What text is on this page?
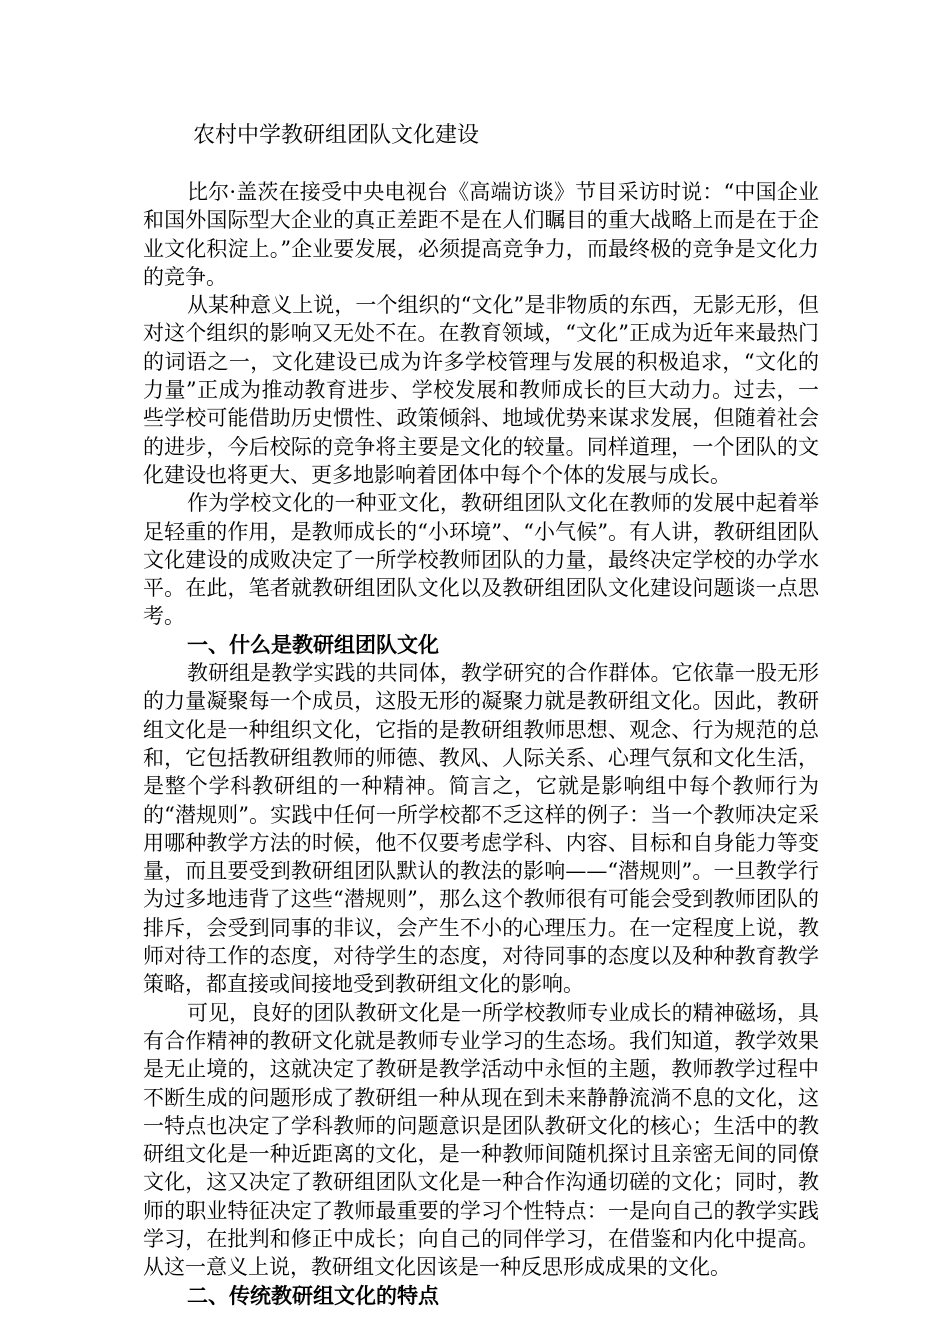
农村中学教研组团队文化建设

比尔·盖茨在接受中央电视台《高端访谈》节目采访时说：“中国企业和国外国际型大企业的真正差距不是在人们瞩目的重大战略上而是在于企业文化积淀上。”企业要发展，必须提高竞争力，而最终极的竞争是文化力的竞争。

从某种意义上说，一个组织的“文化”是非物质的东西，无影无形，但对这个组织的影响又无处不在。在教育领域，“文化”正成为近年来最热门的词语之一，文化建设已成为许多学校管理与发展的积极追求，“文化的力量”正成为推动教育进步、学校发展和教师成长的巨大动力。过去，一些学校可能借助历史惯性、政策倾斜、地域优势来谋求发展，但随着社会的进步，今后校际的竞争将主要是文化的较量。同样道理，一个团队的文化建设也将更大、更多地影响着团体中每个个体的发展与成长。

作为学校文化的一种亚文化，教研组团队文化在教师的发展中起着举足轻重的作用，是教师成长的“小环境”、“小气候”。有人讲，教研组团队文化建设的成败决定了一所学校教师团队的力量，最终决定学校的办学水平。在此，笔者就教研组团队文化以及教研组团队文化建设问题谈一点思考。

一、什么是教研组团队文化

教研组是教学实践的共同体，教学研究的合作群体。它依靠一股无形的力量凝聚每一个成员，这股无形的凝聚力就是教研组文化。因此，教研组文化是一种组织文化，它指的是教研组教师思想、观念、行为规范的总和，它包括教研组教师的师德、教风、人际关系、心理气氛和文化生活，是整个学科教研组的一种精神。简言之，它就是影响组中每个教师行为的“潜规则”。实践中任何一所学校都不乏这样的例子：当一个教师决定采用哪种教学方法的时候，他不仅要考虑学科、内容、目标和自身能力等变量，而且要受到教研组团队默认的教法的影响——“潜规则”。一旦教学行为过多地违背了这些“潜规则”，那么这个教师很有可能会受到教师团队的排斥，会受到同事的非议，会产生不小的心理压力。在一定程度上说，教师对待工作的态度，对待学生的态度，对待同事的态度以及种种教育教学策略，都直接或间接地受到教研组文化的影响。

可见，良好的团队教研文化是一所学校教师专业成长的精神磁场，具有合作精神的教研文化就是教师专业学习的生态场。我们知道，教学效果是无止境的，这就决定了教研是教学活动中永恒的主题，教师教学过程中不断生成的问题形成了教研组一种从现在到未来静静流淌不息的文化，这一特点也决定了学科教师的问题意识是团队教研文化的核心；生活中的教研组文化是一种近距离的文化，是一种教师间随机探讨且亲密无间的同僚文化，这又决定了教研组团队文化是一种合作沟通切磋的文化；同时，教师的职业特征决定了教师最重要的学习个性特点：一是向自己的教学实践学习，在批判和修正中成长；向自己的同伴学习，在借鉴和内化中提高。从这一意义上说，教研组文化因该是一种反思形成成果的文化。

二、传统教研组文化的特点
